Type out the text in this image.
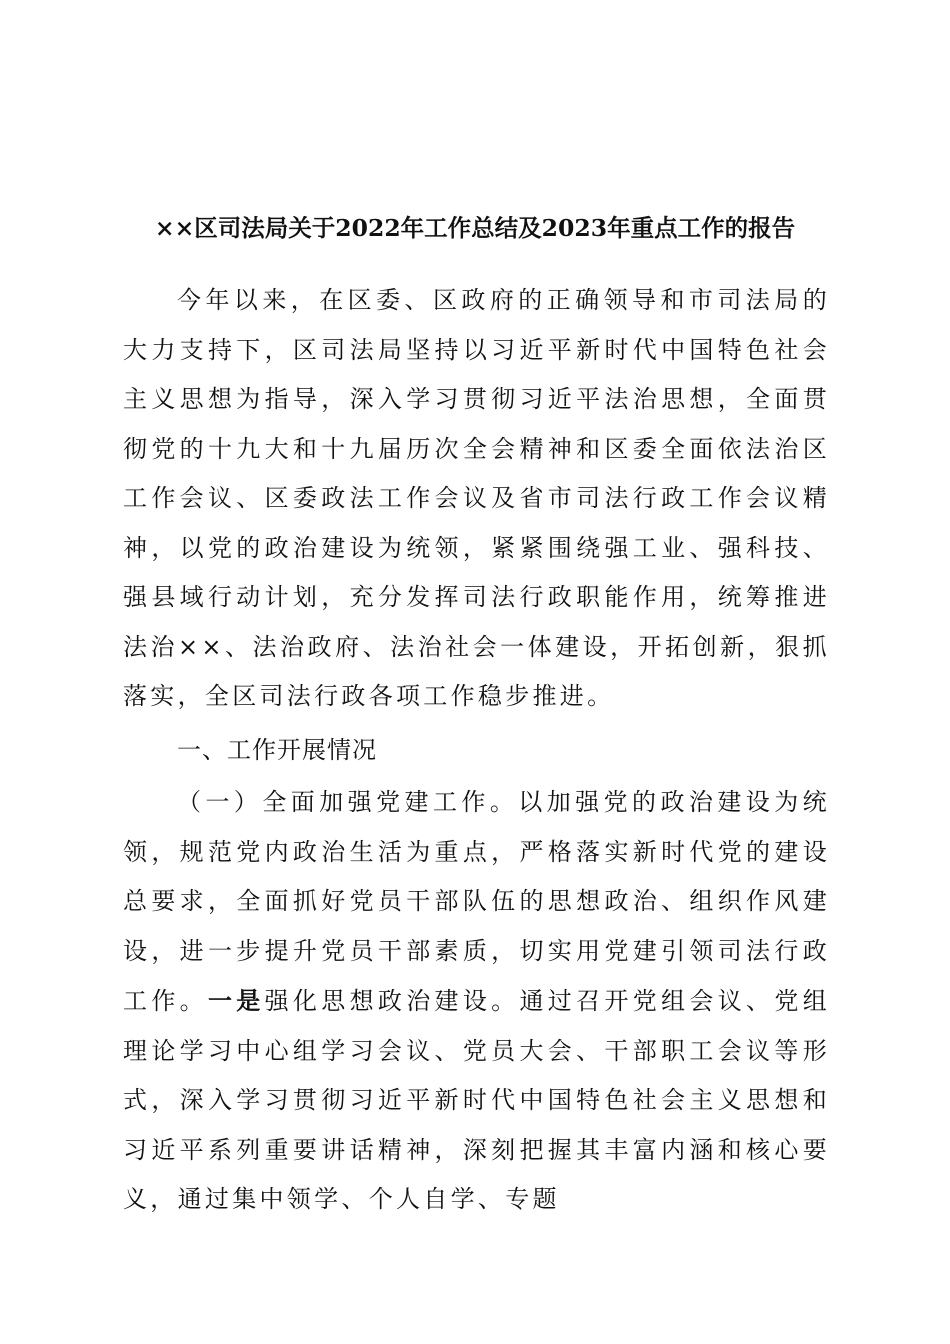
××区司法局关于2022年工作总结及2023年重点工作的报告
今年以来，在区委、区政府的正确领导和市司法局的大力支持下，区司法局坚持以习近平新时代中国特色社会主义思想为指导，深入学习贯彻习近平法治思想，全面贯彻党的十九大和十九届历次全会精神和区委全面依法治区工作会议、区委政法工作会议及省市司法行政工作会议精神，以党的政治建设为统领，紧紧围绕强工业、强科技、强县域行动计划，充分发挥司法行政职能作用，统筹推进法治××、法治政府、法治社会一体建设，开拓创新，狠抓落实，全区司法行政各项工作稳步推进。
一、工作开展情况
（一）全面加强党建工作。以加强党的政治建设为统领，规范党内政治生活为重点，严格落实新时代党的建设总要求，全面抓好党员干部队伍的思想政治、组织作风建设，进一步提升党员干部素质，切实用党建引领司法行政工作。一是强化思想政治建设。通过召开党组会议、党组理论学习中心组学习会议、党员大会、干部职工会议等形式，深入学习贯彻习近平新时代中国特色社会主义思想和习近平系列重要讲话精神，深刻把握其丰富内涵和核心要义，通过集中领学、个人自学、专题
